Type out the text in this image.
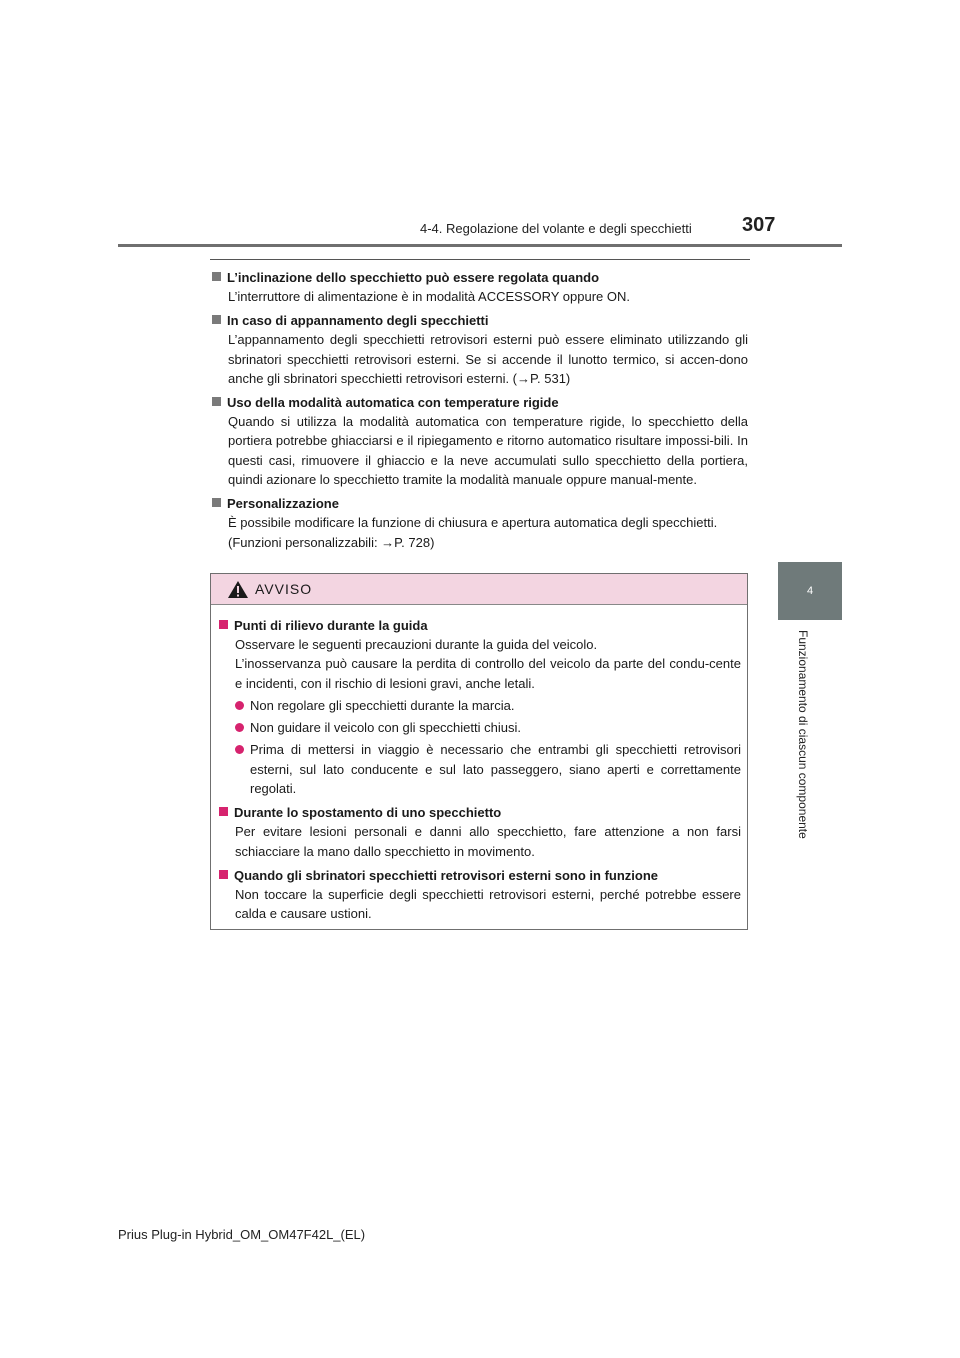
4-4. Regolazione del volante e degli specchietti	307
4
Funzionamento di ciascun componente
L’inclinazione dello specchietto può essere regolata quando
L’interruttore di alimentazione è in modalità ACCESSORY oppure ON.
In caso di appannamento degli specchietti
L’appannamento degli specchietti retrovisori esterni può essere eliminato utilizzando gli sbrinatori specchietti retrovisori esterni. Se si accende il lunotto termico, si accen-dono anche gli sbrinatori specchietti retrovisori esterni. (→P. 531)
Uso della modalità automatica con temperature rigide
Quando si utilizza la modalità automatica con temperature rigide, lo specchietto della portiera potrebbe ghiacciarsi e il ripiegamento e ritorno automatico risultare impossi-bili. In questi casi, rimuovere il ghiaccio e la neve accumulati sullo specchietto della portiera, quindi azionare lo specchietto tramite la modalità manuale oppure manual-mente.
Personalizzazione
È possibile modificare la funzione di chiusura e apertura automatica degli specchietti.
(Funzioni personalizzabili: →P. 728)
AVVISO
Punti di rilievo durante la guida
Osservare le seguenti precauzioni durante la guida del veicolo.
L’inosservanza può causare la perdita di controllo del veicolo da parte del condu-cente e incidenti, con il rischio di lesioni gravi, anche letali.
Non regolare gli specchietti durante la marcia.
Non guidare il veicolo con gli specchietti chiusi.
Prima di mettersi in viaggio è necessario che entrambi gli specchietti retrovisori esterni, sul lato conducente e sul lato passeggero, siano aperti e correttamente regolati.
Durante lo spostamento di uno specchietto
Per evitare lesioni personali e danni allo specchietto, fare attenzione a non farsi schiacciare la mano dallo specchietto in movimento.
Quando gli sbrinatori specchietti retrovisori esterni sono in funzione
Non toccare la superficie degli specchietti retrovisori esterni, perché potrebbe essere calda e causare ustioni.
Prius Plug-in Hybrid_OM_OM47F42L_(EL)
